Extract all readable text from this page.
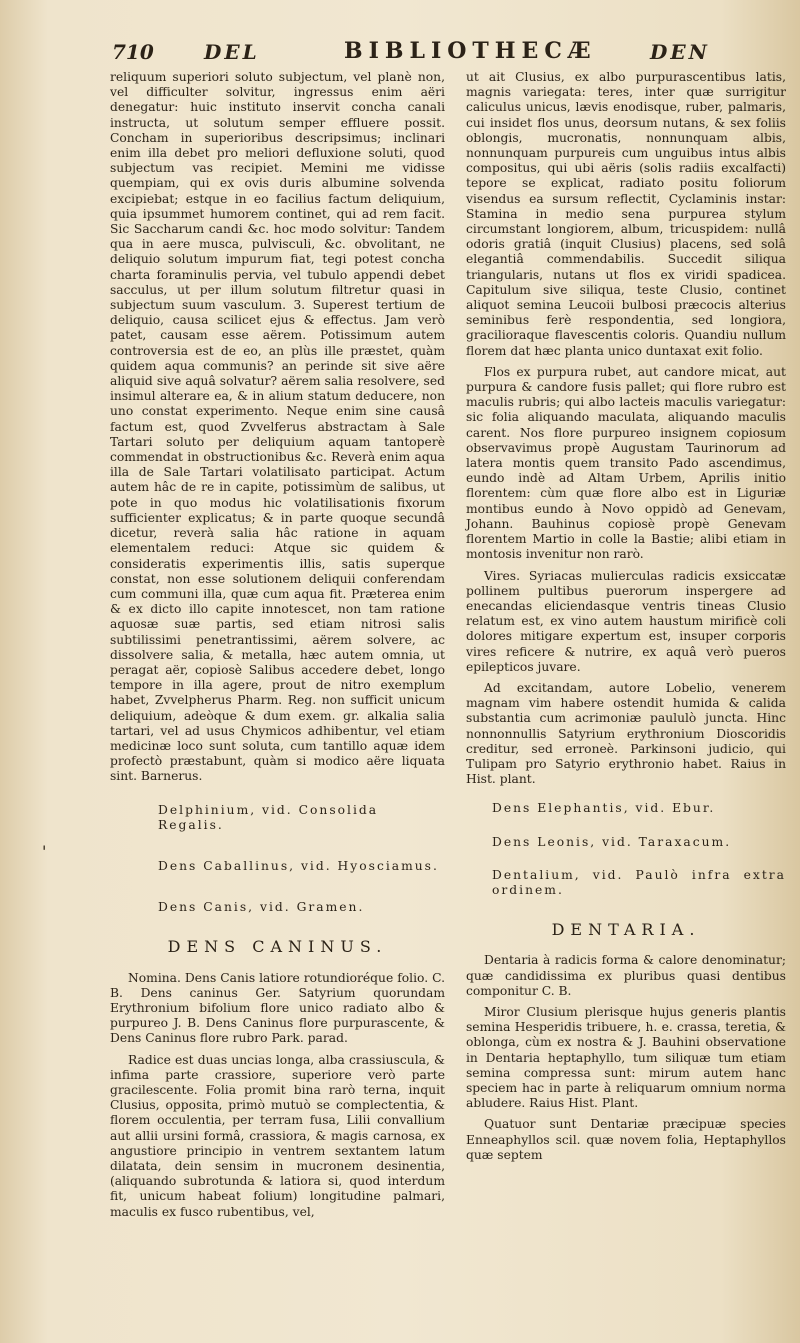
710	DEL	BIBLIOTHECÆ	DEN
'

reliquum superiori soluto subjectum, vel planè non, vel difficulter solvitur, ingressus enim aëri denegatur: huic instituto inservit concha canali instructa, ut solutum semper effluere possit. Concham in superioribus descripsimus; inclinari enim illa debet pro meliori defluxione soluti, quod subjectum vas recipiet. Memini me vidisse quempiam, qui ex ovis duris albumine solvenda excipiebat; estque in eo facilius factum deliquium, quia ipsummet humorem continet, qui ad rem facit. Sic Saccharum candi &c. hoc modo solvitur: Tandem qua in aere musca, pulvisculi, &c. obvolitant, ne deliquio solutum impurum fiat, tegi potest concha charta foraminulis pervia, vel tubulo appendi debet sacculus, ut per illum solutum filtretur quasi in subjectum suum vasculum. 3. Superest tertium de deliquio, causa scilicet ejus & effectus. Jam verò patet, causam esse aërem. Potissimum autem controversia est de eo, an plùs ille præstet, quàm quidem aqua communis? an perinde sit sive aëre aliquid sive aquâ solvatur? aërem salia resolvere, sed insimul alterare ea, & in alium statum deducere, non uno constat experimento. Neque enim sine causâ factum est, quod Zvvelferus abstractam à Sale Tartari soluto per deliquium aquam tantoperè commendat in obstructionibus &c. Reverà enim aqua illa de Sale Tartari volatilisato participat. Actum autem hâc de re in capite, potissimùm de salibus, ut pote in quo modus hic volatilisationis fixorum sufficienter explicatus; & in parte quoque secundâ dicetur, reverà salia hâc ratione in aquam elementalem reduci: Atque sic quidem & consideratis experimentis illis, satis superque constat, non esse solutionem deliquii conferendam cum communi illa, quæ cum aqua fit. Præterea enim & ex dicto illo capite innotescet, non tam ratione aquosæ suæ partis, sed etiam nitrosi salis subtilissimi penetrantissimi, aërem solvere, ac dissolvere salia, & metalla, hæc autem omnia, ut peragat aër, copiosè Salibus accedere debet, longo tempore in illa agere, prout de nitro exemplum habet, Zvvelpherus Pharm. Reg. non sufficit unicum deliquium, adeòque & dum exem. gr. alkalia salia tartari, vel ad usus Chymicos adhibentur, vel etiam medicinæ loco sunt soluta, cum tantillo aquæ idem profectò præstabunt, quàm si modico aëre liquata sint. Barnerus.

Delphinium, vid. Consolida Regalis.
Dens Caballinus, vid. Hyosciamus.
Dens Canis, vid. Gramen.
DENS CANINUS.

Nomina. Dens Canis latiore rotundioréque folio. C. B. Dens caninus Ger. Satyrium quorundam Erythronium bifolium flore unico radiato albo & purpureo J. B. Dens Caninus flore purpurascente, & Dens Caninus flore rubro Park. parad.

Radice est duas uncias longa, alba crassiuscula, & infima parte crassiore, superiore verò parte gracilescente. Folia promit bina rarò terna, inquit Clusius, opposita, primò mutuò se complectentia, & florem occulentia, per terram fusa, Lilii convallium aut allii ursini formâ, crassiora, & magis carnosa, ex angustiore principio in ventrem sextantem latum dilatata, dein sensim in mucronem desinentia, (aliquando subrotunda & latiora si, quod interdum fit, unicum habeat folium) longitudine palmari, maculis ex fusco rubentibus, vel,

ut ait Clusius, ex albo purpurascentibus latis, magnis variegata: teres, inter quæ surrigitur caliculus unicus, lævis enodisque, ruber, palmaris, cui insidet flos unus, deorsum nutans, & sex foliis oblongis, mucronatis, nonnunquam albis, nonnunquam purpureis cum unguibus intus albis compositus, qui ubi aëris (solis radiis excalfacti) tepore se explicat, radiato positu foliorum visendus ea sursum reflectit, Cyclaminis instar: Stamina in medio sena purpurea stylum circumstant longiorem, album, tricuspidem: nullâ odoris gratiâ (inquit Clusius) placens, sed solâ elegantiâ commendabilis. Succedit siliqua triangularis, nutans ut flos ex viridi spadicea. Capitulum sive siliqua, teste Clusio, continet aliquot semina Leucoii bulbosi præcocis alterius seminibus ferè respondentia, sed longiora, gracilioraque flavescentis coloris. Quandiu nullum florem dat hæc planta unico duntaxat exit folio.

Flos ex purpura rubet, aut candore micat, aut purpura & candore fusis pallet; qui flore rubro est maculis rubris; qui albo lacteis maculis variegatur: sic folia aliquando maculata, aliquando maculis carent. Nos flore purpureo insignem copiosum observavimus propè Augustam Taurinorum ad latera montis quem transito Pado ascendimus, eundo indè ad Altam Urbem, Aprilis initio florentem: cùm quæ flore albo est in Liguriæ montibus eundo à Novo oppidò ad Genevam, Johann. Bauhinus copiosè propè Genevam florentem Martio in colle la Bastie; alibi etiam in montosis invenitur non rarò.

Vires. Syriacas mulierculas radicis exsiccatæ pollinem pultibus puerorum inspergere ad enecandas eliciendasque ventris tineas Clusio relatum est, ex vino autem haustum mirificè coli dolores mitigare expertum est, insuper corporis vires reficere & nutrire, ex aquâ verò pueros epilepticos juvare.

Ad excitandam, autore Lobelio, venerem magnam vim habere ostendit humida & calida substantia cum acrimoniæ paululò juncta. Hinc nonnonnullis Satyrium erythronium Dioscoridis creditur, sed erroneè. Parkinsoni judicio, qui Tulipam pro Satyrio erythronio habet. Raius in Hist. plant.

Dens Elephantis, vid. Ebur.
Dens Leonis, vid. Taraxacum.
Dentalium, vid. Paulò infra extra ordinem.
DENTARIA.

Dentaria à radicis forma & calore denominatur; quæ candidissima ex pluribus quasi dentibus componitur C. B.

Miror Clusium plerisque hujus generis plantis semina Hesperidis tribuere, h. e. crassa, teretia, & oblonga, cùm ex nostra & J. Bauhini observatione in Dentaria heptaphyllo, tum siliquæ tum etiam semina compressa sunt: mirum autem hanc speciem hac in parte à reliquarum omnium norma abludere. Raius Hist. Plant.

Quatuor sunt Dentariæ præcipuæ species Enneaphyllos scil. quæ novem folia, Heptaphyllos quæ septem
